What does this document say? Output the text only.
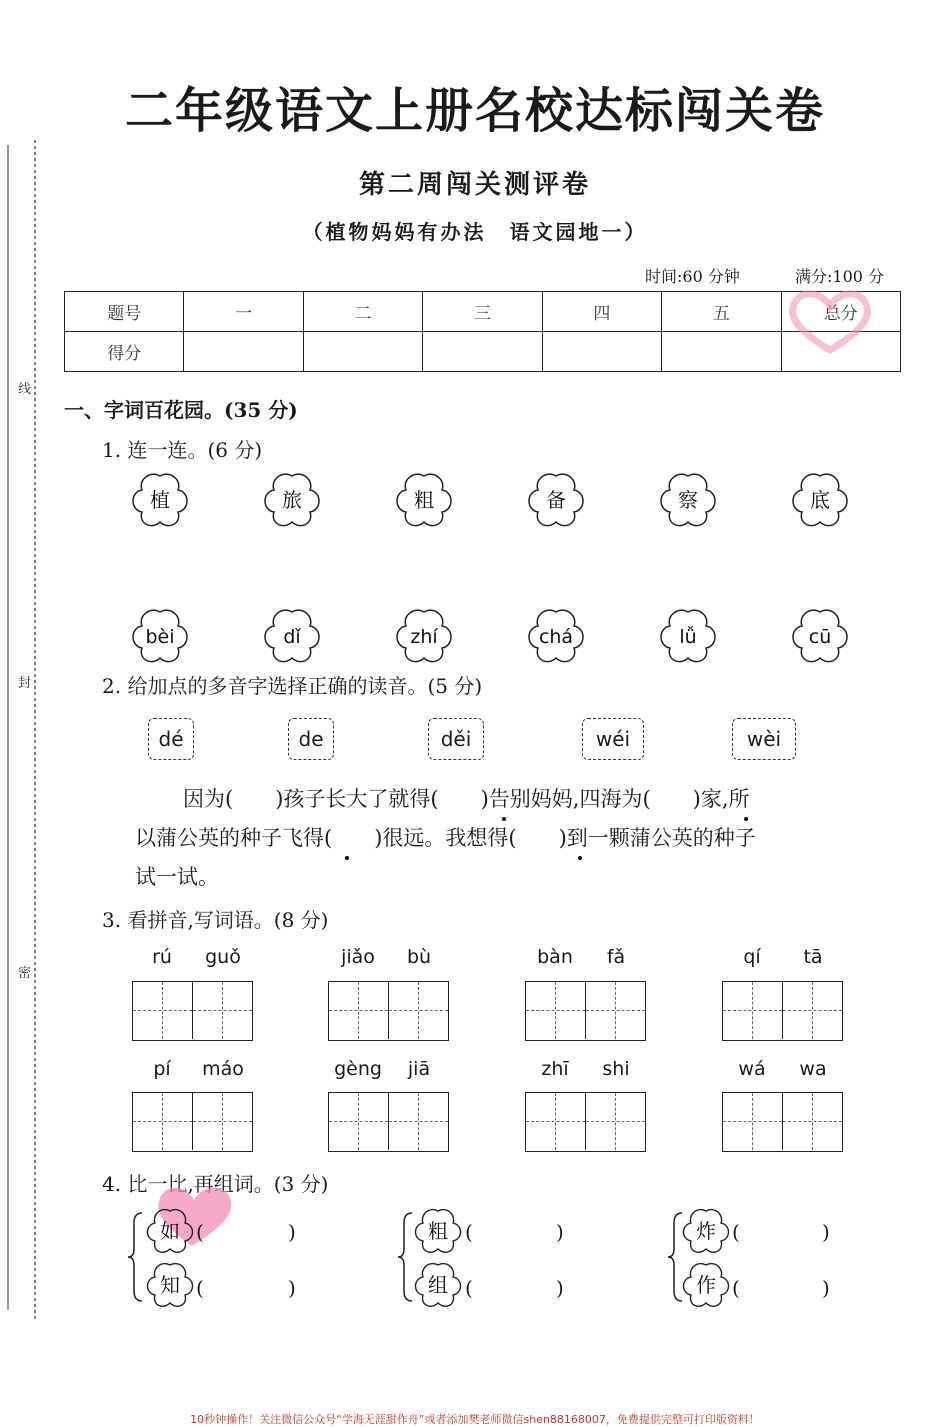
线
封
密
二年级语文上册名校达标闯关卷
第二周闯关测评卷
（植物妈妈有办法　语文园地一）
时间:60 分钟	满分:100 分
题号	一	二	三	四	五	总分
得分						
一、字词百花园。(35 分)
1. 连一连。(6 分)
植	旅	粗	备	察	底
bèi	dǐ	zhí	chá	lǚ	cū
2. 给加点的多音字选择正确的读音。(5 分)
dé	de	děi	wéi	wèi
因为(　　)孩子长大了就得(　　)告别妈妈,四海为(　　)家,所
以蒲公英的种子飞得(　　)很远。我想得(　　)到一颗蒲公英的种子
试一试。
3. 看拼音,写词语。(8 分)
rú	guǒ	jiǎo	bù	bàn	fǎ	qí	tā
pí	máo	gèng	jiā	zhī	shi	wá	wa
4. 比一比,再组词。(3 分)
如
知
粗
组
炸
作
(	)
(	)
(	)
(	)
(	)
(	)
10秒钟操作！关注微信公众号“学海无涯甜作舟”或者添加樊老师微信shen88168007，免费提供完整可打印版资料！
